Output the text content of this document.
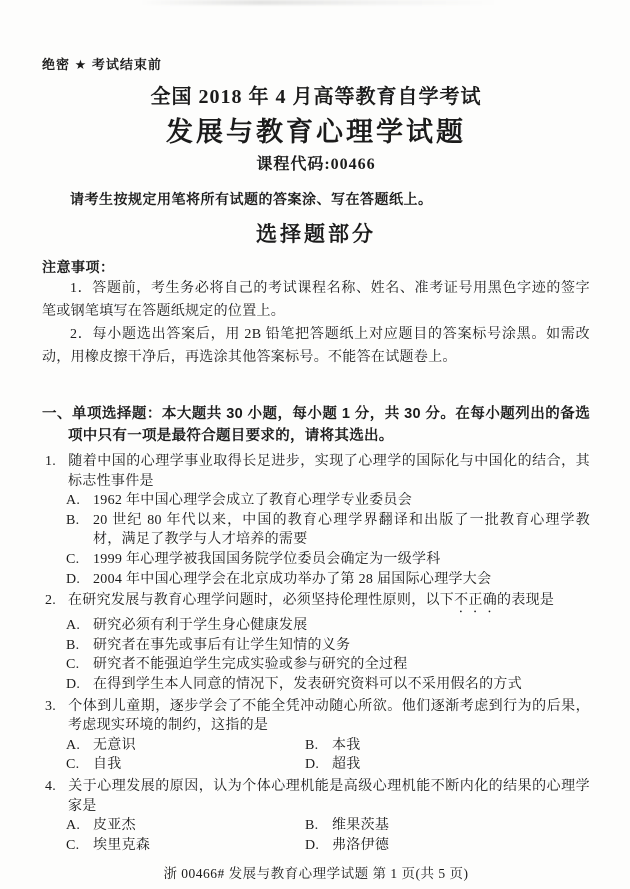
绝密 ★ 考试结束前
全国 2018 年 4 月高等教育自学考试
发展与教育心理学试题
课程代码:00466
请考生按规定用笔将所有试题的答案涂、写在答题纸上。
选择题部分
注意事项：

1．答题前，考生务必将自己的考试课程名称、姓名、准考证号用黑色字迹的签字笔或钢笔填写在答题纸规定的位置上。

2．每小题选出答案后，用 2B 铅笔把答题纸上对应题目的答案标号涂黑。如需改动，用橡皮擦干净后，再选涂其他答案标号。不能答在试题卷上。

一、单项选择题：本大题共 30 小题，每小题 1 分，共 30 分。在每小题列出的备选项中只有一项是最符合题目要求的，请将其选出。
1. 随着中国的心理学事业取得长足进步，实现了心理学的国际化与中国化的结合，其标志性事件是
A. 1962 年中国心理学会成立了教育心理学专业委员会
B. 20 世纪 80 年代以来，中国的教育心理学界翻译和出版了一批教育心理学教材，满足了教学与人才培养的需要
C. 1999 年心理学被我国国务院学位委员会确定为一级学科
D. 2004 年中国心理学会在北京成功举办了第 28 届国际心理学大会
2. 在研究发展与教育心理学问题时，必须坚持伦理性原则，以下不正确的表现是
A. 研究必须有利于学生身心健康发展
B. 研究者在事先或事后有让学生知情的义务
C. 研究者不能强迫学生完成实验或参与研究的全过程
D. 在得到学生本人同意的情况下，发表研究资料可以不采用假名的方式
3. 个体到儿童期，逐步学会了不能全凭冲动随心所欲。他们逐渐考虑到行为的后果，考虑现实环境的制约，这指的是
A. 无意识	B. 本我
C. 自我	D. 超我
4. 关于心理发展的原因，认为个体心理机能是高级心理机能不断内化的结果的心理学家是
A. 皮亚杰	B. 维果茨基
C. 埃里克森	D. 弗洛伊德
浙 00466# 发展与教育心理学试题 第 1 页(共 5 页)
